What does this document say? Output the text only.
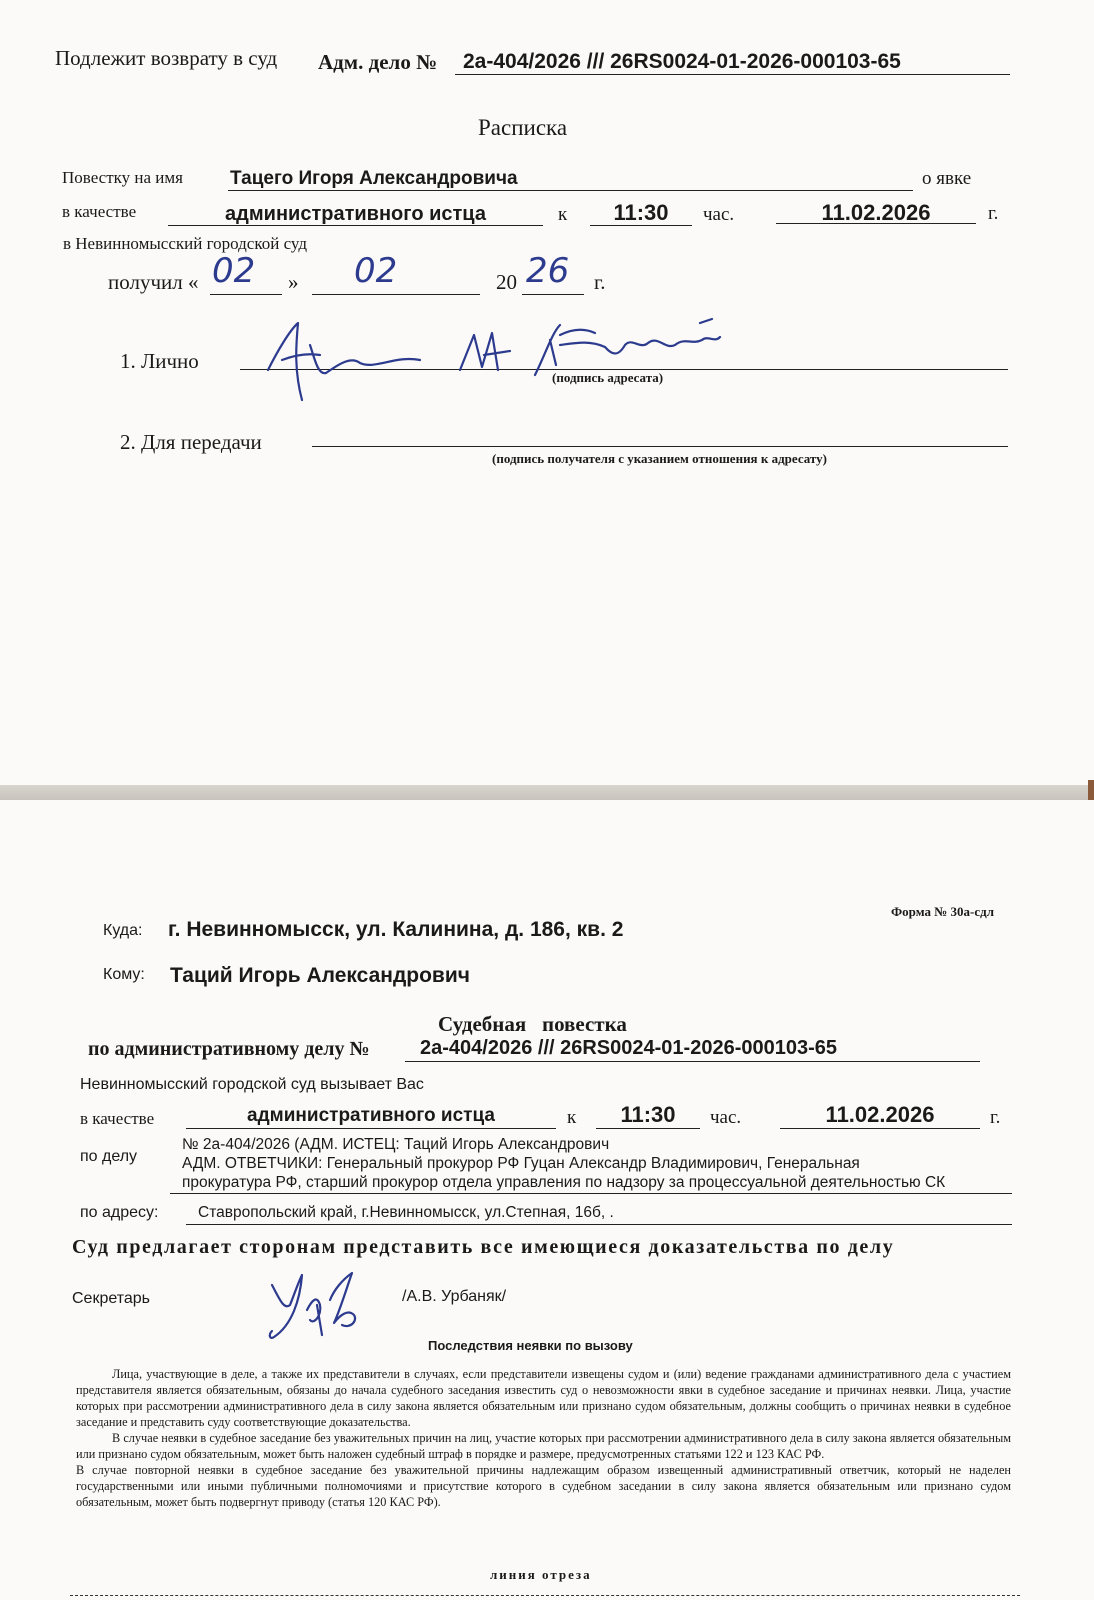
Подлежит возврату в суд Адм. дело № 2а-404/2026 /// 26RS0024-01-2026-000103-65
Расписка
Повестку на имя Тацего Игоря Александровича	о явке
в качестве	административного истца	к	11:30	час.	11.02.2026	г.
в Невинномысский городской суд
получил « 02 » 02	20 26 г.
1. Лично
(подпись адресата)
2. Для передачи
(подпись получателя с указанием отношения к адресату)
Форма № 30а-сдл
Куда: г. Невинномысск, ул. Калинина, д. 186, кв. 2
Кому: Таций Игорь Александрович
Судебная   повестка
по административному делу №	2а-404/2026 /// 26RS0024-01-2026-000103-65
Невинномысский городской суд вызывает Вас
в качестве	административного истца	к	11:30	час.	11.02.2026	г.
по делу
№ 2а-404/2026 (АДМ. ИСТЕЦ: Таций Игорь Александрович
АДМ. ОТВЕТЧИКИ: Генеральный прокурор РФ Гуцан Александр Владимирович, Генеральная
прокуратура РФ, старший прокурор отдела управления по надзору за процессуальной деятельностью СК
по адресу:	Ставропольский край, г.Невинномысск, ул.Степная, 16б, .
Суд предлагает сторонам представить все имеющиеся доказательства по делу
Секретарь	/А.В. Урбаняк/
Последствия неявки по вызову

Лица, участвующие в деле, а также их представители в случаях, если представители извещены судом и (или) ведение гражданами административного дела с участием представителя является обязательным, обязаны до начала судебного заседания известить суд о невозможности явки в судебное заседание и причинах неявки. Лица, участие которых при рассмотрении административного дела в силу закона является обязательным или признано судом обязательным, должны сообщить о причинах неявки в судебное заседание и представить суду соответствующие доказательства.

В случае неявки в судебное заседание без уважительных причин на лиц, участие которых при рассмотрении административного дела в силу закона является обязательным или признано судом обязательным, может быть наложен судебный штраф в порядке и размере, предусмотренных статьями 122 и 123 КАС РФ.

В случае повторной неявки в судебное заседание без уважительной причины надлежащим образом извещенный административный ответчик, который не наделен государственными или иными публичными полномочиями и присутствие которого в судебном заседании в силу закона является обязательным или признано судом обязательным, может быть подвергнут приводу (статья 120 КАС РФ).

линия отреза
